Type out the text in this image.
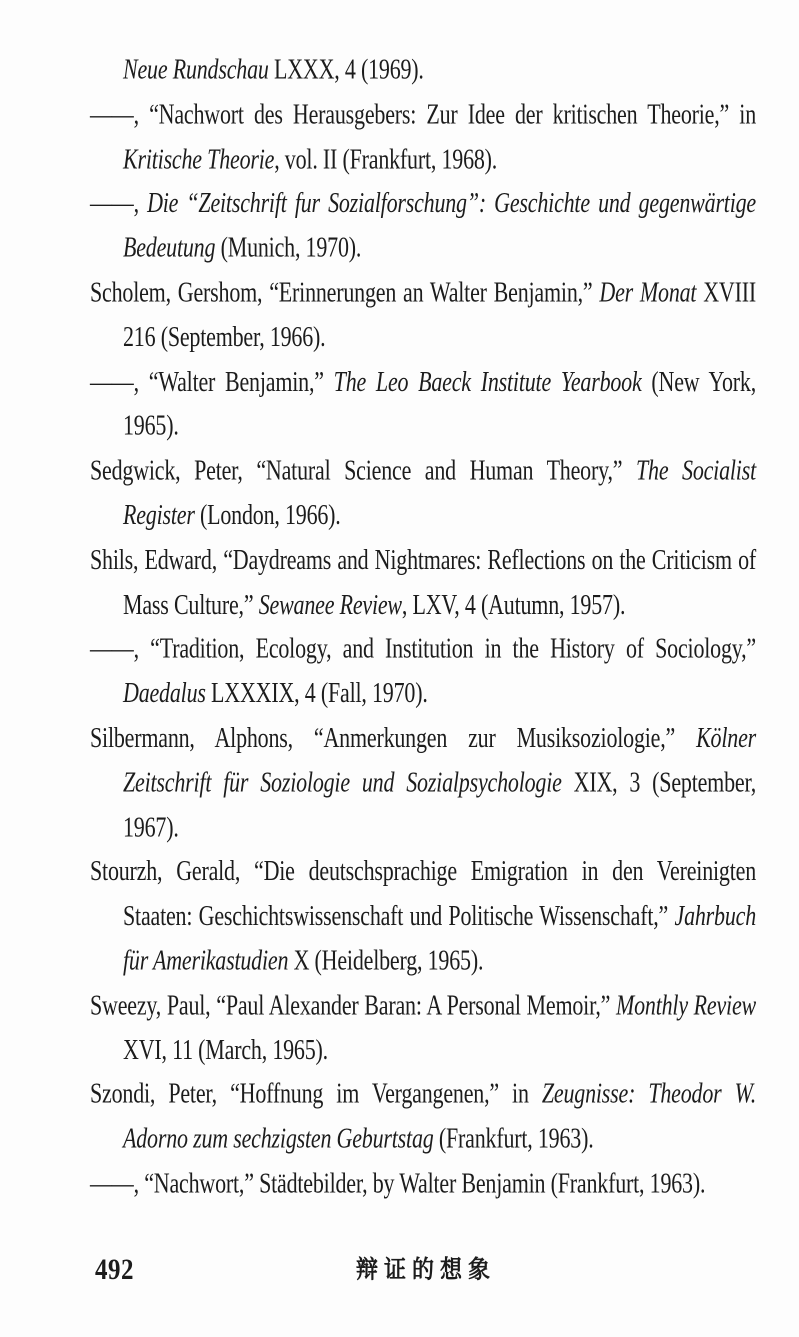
Neue Rundschau LXXX, 4 (1969).

——, “Nachwort des Herausgebers: Zur Idee der kritischen Theorie,” in Kritische Theorie, vol. II (Frankfurt, 1968).

——, Die “Zeitschrift fur Sozialforschung”: Geschichte und gegenwärtige Bedeutung (Munich, 1970).

Scholem, Gershom, “Erinnerungen an Walter Benjamin,” Der Monat XVIII 216 (September, 1966).

——, “Walter Benjamin,” The Leo Baeck Institute Yearbook (New York, 1965).

Sedgwick, Peter, “Natural Science and Human Theory,” The Socialist Register (London, 1966).

Shils, Edward, “Daydreams and Nightmares: Reflections on the Criticism of Mass Culture,” Sewanee Review, LXV, 4 (Autumn, 1957).

——, “Tradition, Ecology, and Institution in the History of Sociology,” Daedalus LXXXIX, 4 (Fall, 1970).

Silbermann, Alphons, “Anmerkungen zur Musiksoziologie,” Kölner Zeitschrift für Soziologie und Sozialpsychologie XIX, 3 (September, 1967).

Stourzh, Gerald, “Die deutschsprachige Emigration in den Vereinigten Staaten: Geschichtswissenschaft und Politische Wissenschaft,” Jahrbuch für Amerikastudien X (Heidelberg, 1965).

Sweezy, Paul, “Paul Alexander Baran: A Personal Memoir,” Monthly Review XVI, 11 (March, 1965).

Szondi, Peter, “Hoffnung im Vergangenen,” in Zeugnisse: Theodor W. Adorno zum sechzigsten Geburtstag (Frankfurt, 1963).

——, “Nachwort,” Städtebilder, by Walter Benjamin (Frankfurt, 1963).

492	辩证的想象
